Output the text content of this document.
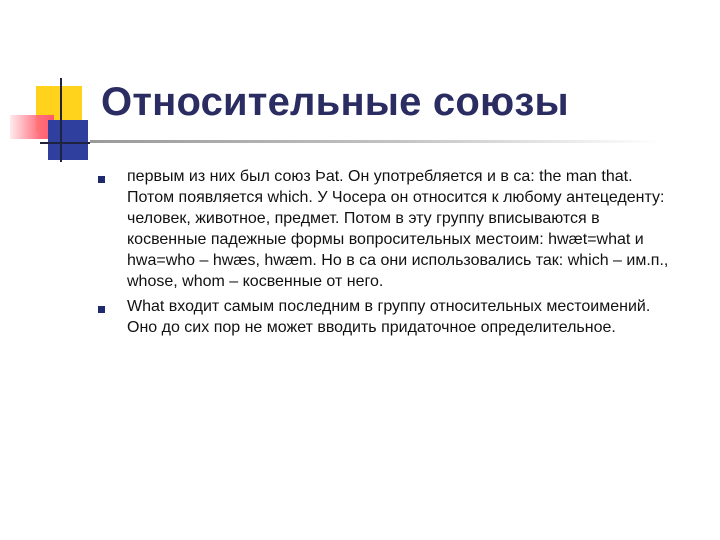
Относительные союзы
первым из них был союз Þat. Он употребляется и в са: the man that. Потом появляется which. У Чосера он относится к любому антецеденту: человек, животное, предмет. Потом в эту группу вписываются в косвенные падежные формы вопросительных местоим: hwæt=what и hwa=who – hwæs, hwæm. Но в са они использовались так: which – им.п., whose, whom – косвенные от него.
What входит самым последним в группу относительных местоимений. Оно до сих пор не может вводить придаточное определительное.
